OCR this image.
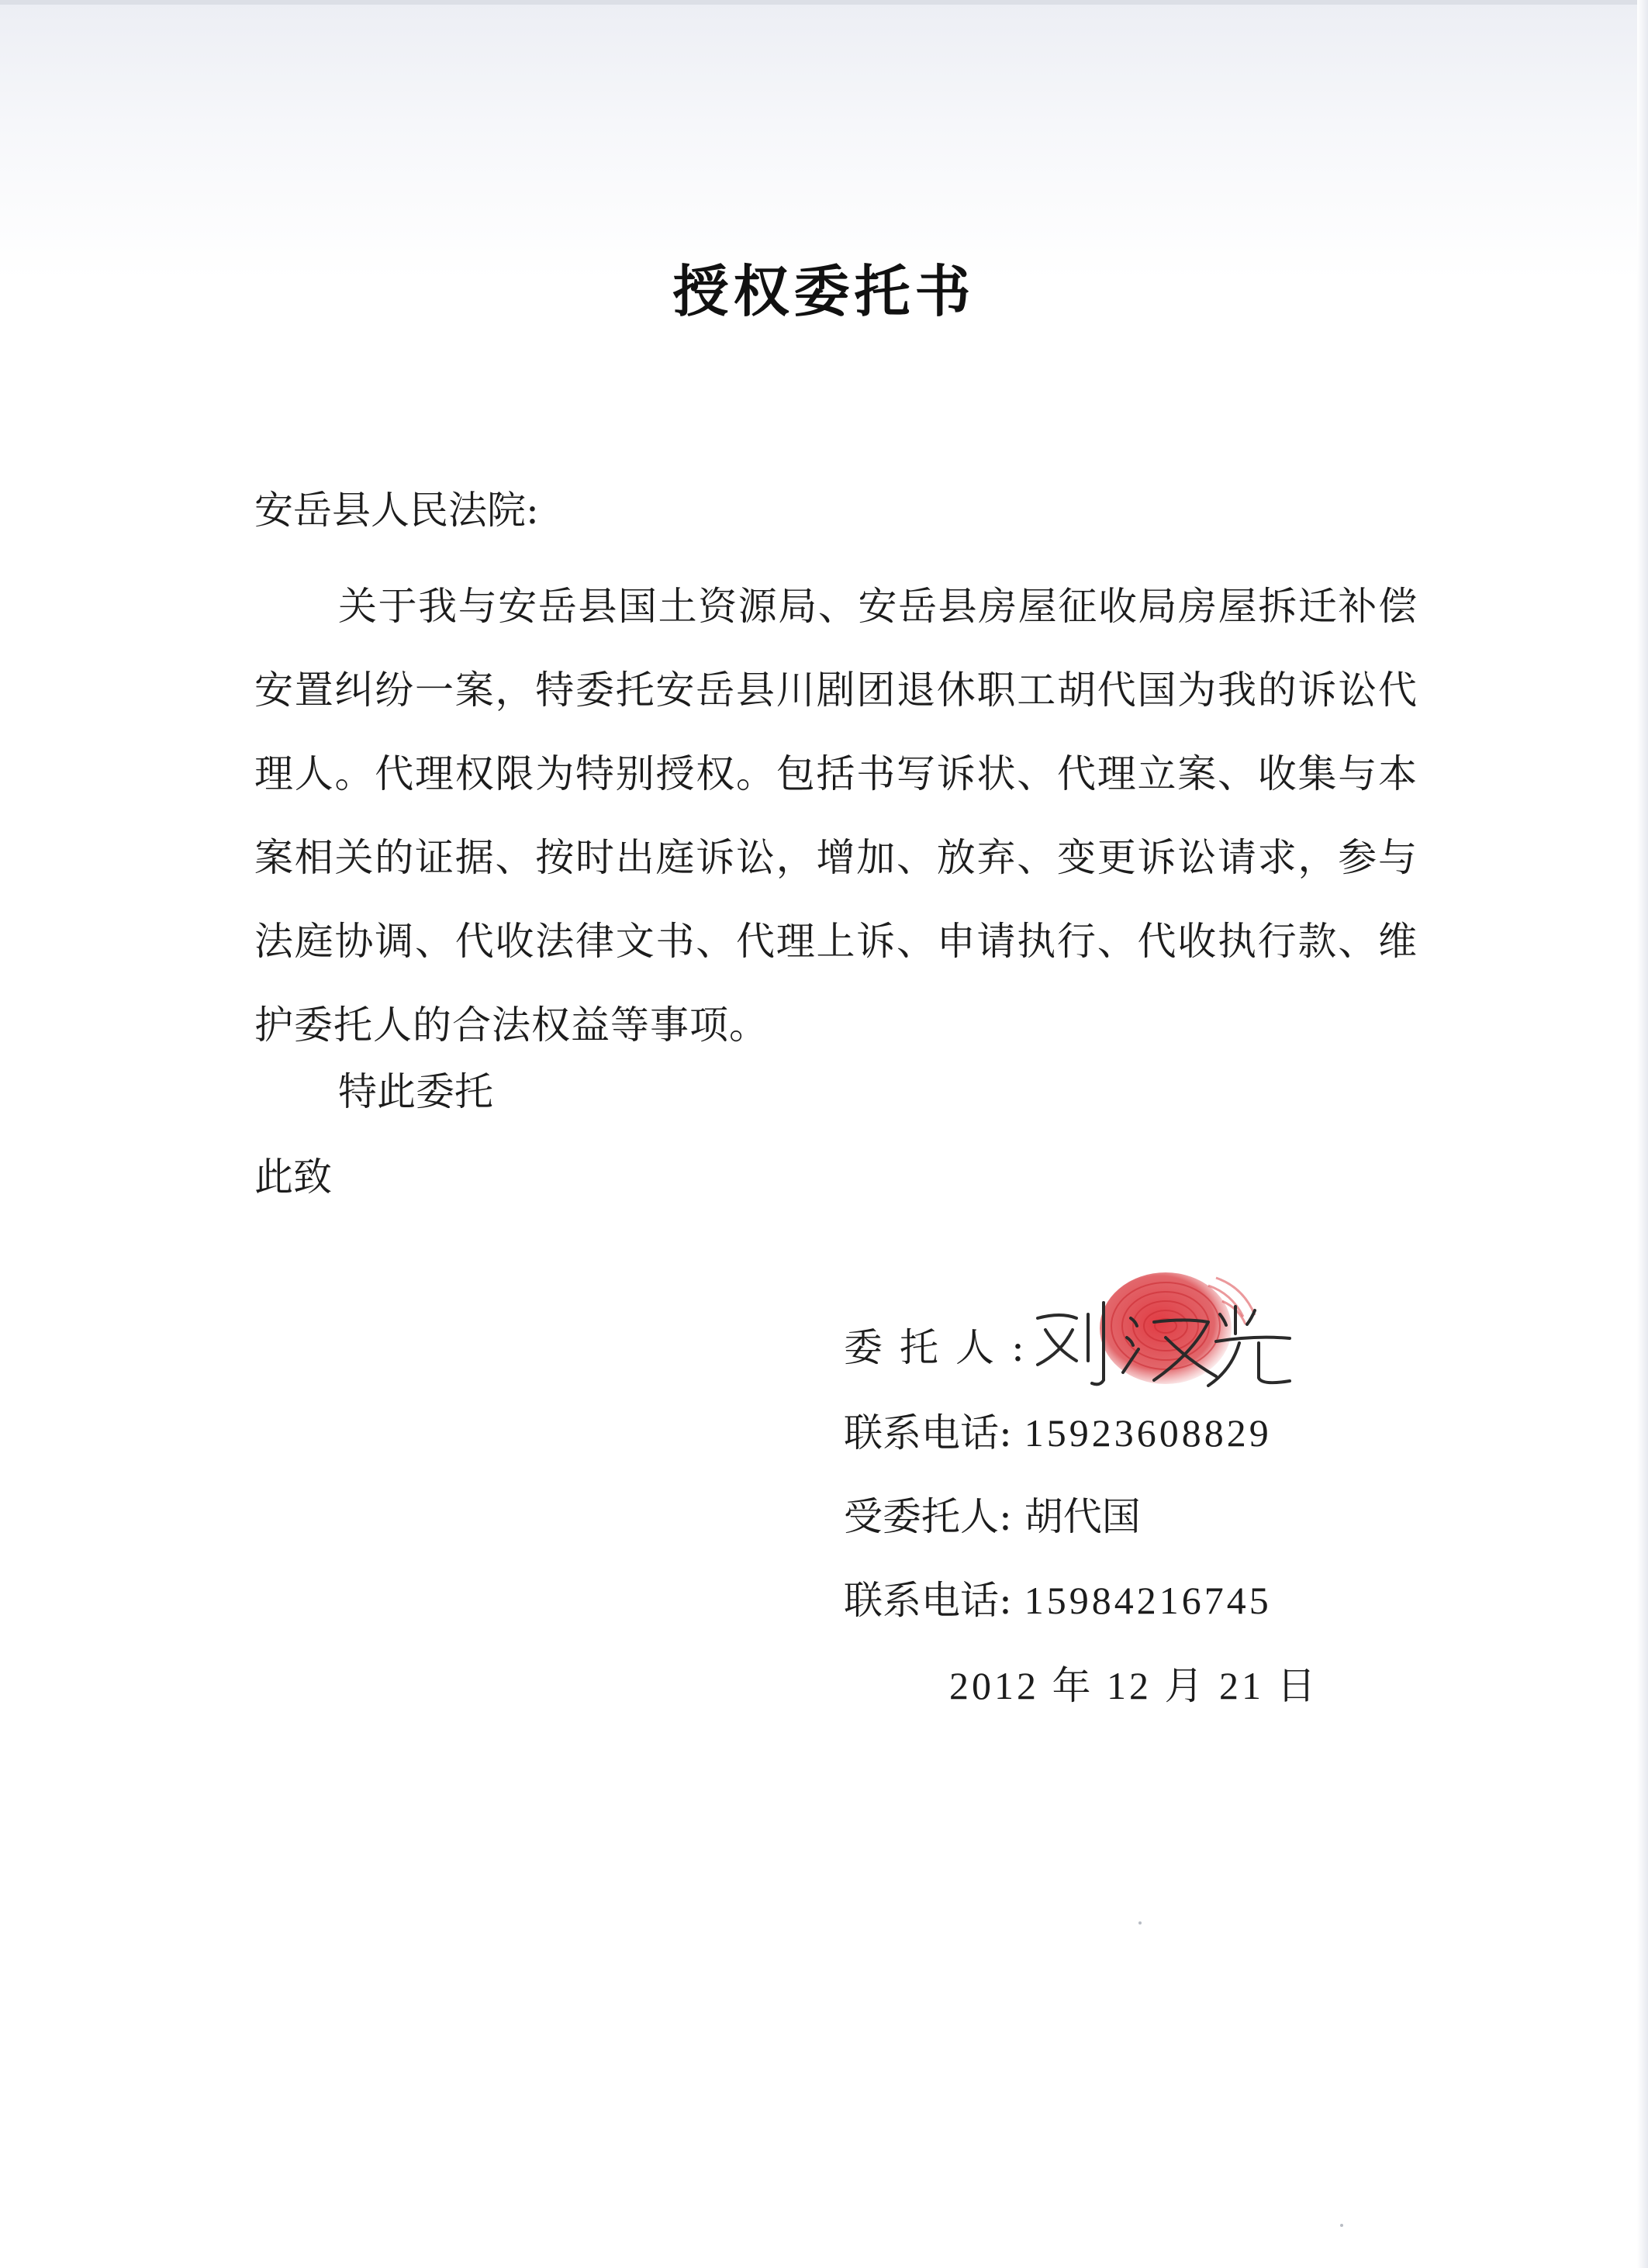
授权委托书

安岳县人民法院:

关于我与安岳县国土资源局、安岳县房屋征收局房屋拆迁补偿安置纠纷一案，特委托安岳县川剧团退休职工胡代国为我的诉讼代理人。代理权限为特别授权。包括书写诉状、代理立案、收集与本案相关的证据、按时出庭诉讼，增加、放弃、变更诉讼请求，参与法庭协调、代收法律文书、代理上诉、申请执行、代收执行款、维护委托人的合法权益等事项。

特此委托

此致

委托人:
联系电话: 15923608829
受委托人: 胡代国
联系电话: 15984216745
2012 年 12 月 21 日
